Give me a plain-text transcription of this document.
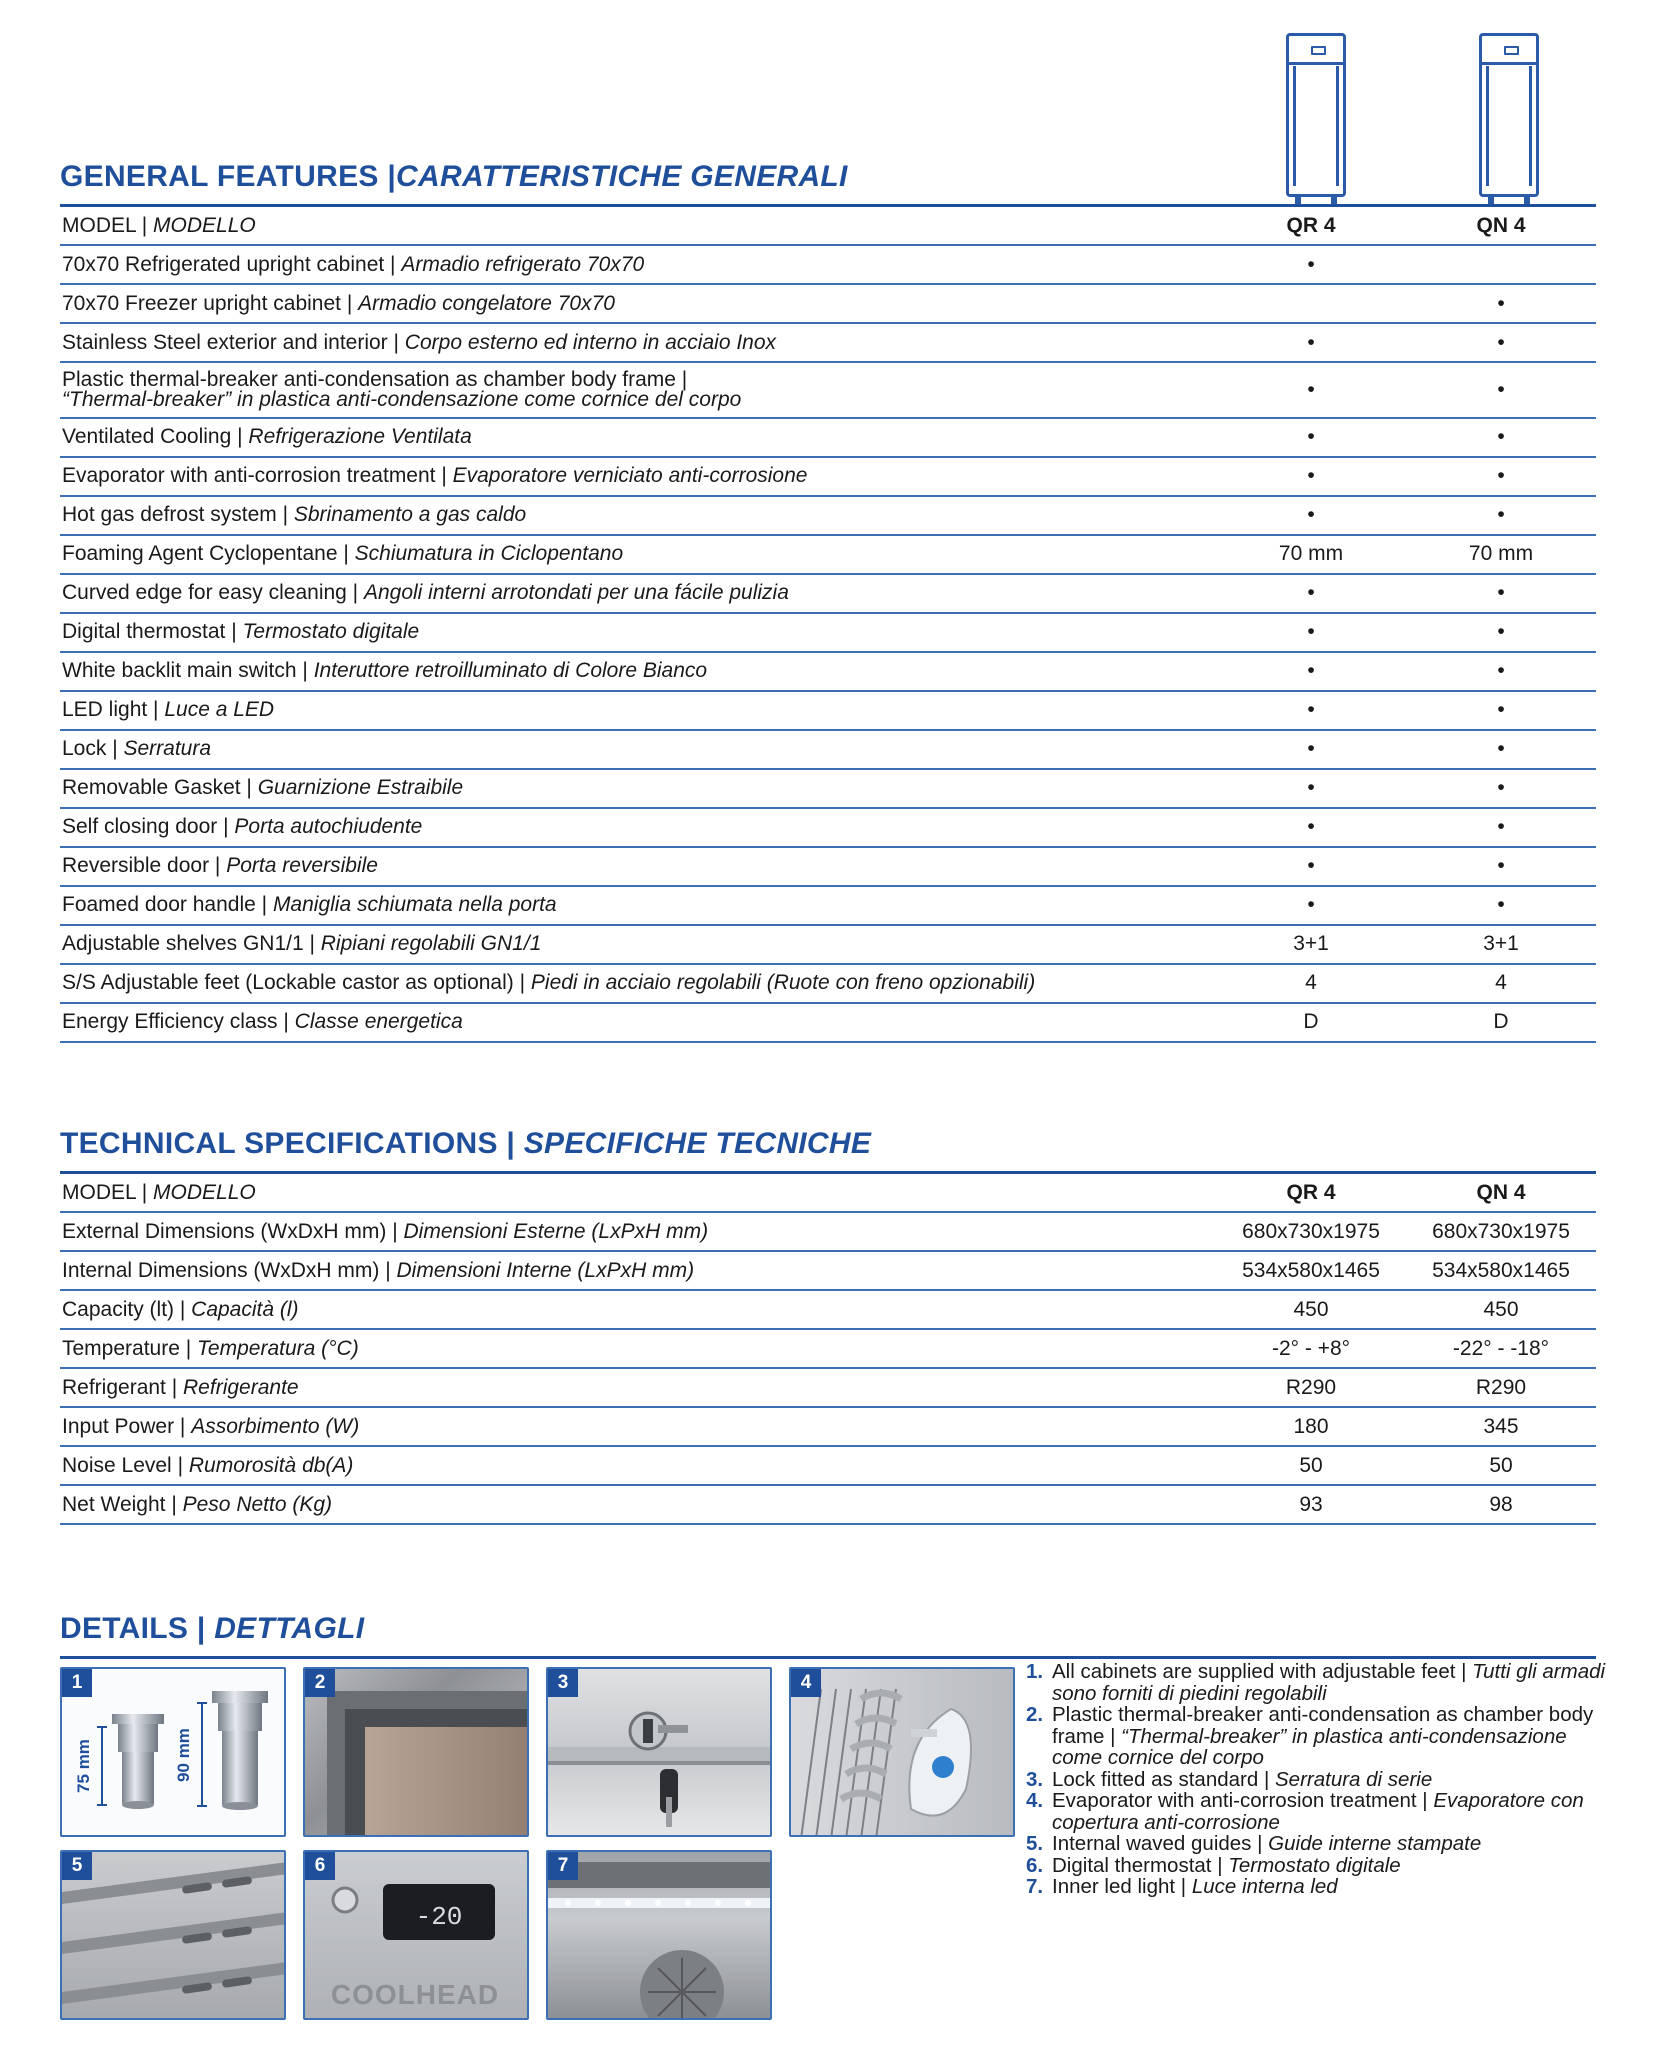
GENERAL FEATURES |CARATTERISTICHE GENERALI
MODEL | MODELLO	QR 4	QN 4
70x70 Refrigerated upright cabinet | Armadio refrigerato 70x70	•	
70x70 Freezer upright cabinet | Armadio congelatore 70x70		•
Stainless Steel exterior and interior | Corpo esterno ed interno in acciaio Inox	•	•
Plastic thermal-breaker anti-condensation as chamber body frame |
“Thermal-breaker” in plastica anti-condensazione come cornice del corpo	•	•
Ventilated Cooling | Refrigerazione Ventilata	•	•
Evaporator with anti-corrosion treatment | Evaporatore verniciato anti-corrosione	•	•
Hot gas defrost system | Sbrinamento a gas caldo	•	•
Foaming Agent Cyclopentane | Schiumatura in Ciclopentano	70 mm	70 mm
Curved edge for easy cleaning | Angoli interni arrotondati per una fácile pulizia	•	•
Digital thermostat | Termostato digitale	•	•
White backlit main switch | Interuttore retroilluminato di Colore Bianco	•	•
LED light | Luce a LED	•	•
Lock | Serratura	•	•
Removable Gasket | Guarnizione Estraibile	•	•
Self closing door | Porta autochiudente	•	•
Reversible door | Porta reversibile	•	•
Foamed door handle | Maniglia schiumata nella porta	•	•
Adjustable shelves GN1/1 | Ripiani regolabili GN1/1	3+1	3+1
S/S Adjustable feet (Lockable castor as optional) | Piedi in acciaio regolabili (Ruote con freno opzionabili)	4	4
Energy Efficiency class | Classe energetica	D	D
TECHNICAL SPECIFICATIONS | SPECIFICHE TECNICHE
MODEL | MODELLO	QR 4	QN 4
External Dimensions (WxDxH mm) | Dimensioni Esterne (LxPxH mm)	680x730x1975	680x730x1975
Internal Dimensions (WxDxH mm) | Dimensioni Interne (LxPxH mm)	534x580x1465	534x580x1465
Capacity (lt) | Capacità (l)	450	450
Temperature | Temperatura (°C)	-2° - +8°	-22° - -18°
Refrigerant | Refrigerante	R290	R290
Input Power | Assorbimento (W)	180	345
Noise Level | Rumorosità db(A)	50	50
Net Weight | Peso Netto (Kg)	93	98
DETAILS | DETTAGLI
1
75 mm	90 mm
2	3	4
5	6
-20
COOLHEAD
7
1. All cabinets are supplied with adjustable feet | Tutti gli armadi sono forniti di piedini regolabili
2. Plastic thermal-breaker anti-condensation as chamber body frame | “Thermal-breaker” in plastica anti-condensazione come cornice del corpo
3. Lock fitted as standard | Serratura di serie
4. Evaporator with anti-corrosion treatment | Evaporatore con copertura anti-corrosione
5. Internal waved guides | Guide interne stampate
6. Digital thermostat | Termostato digitale
7. Inner led light | Luce interna led
